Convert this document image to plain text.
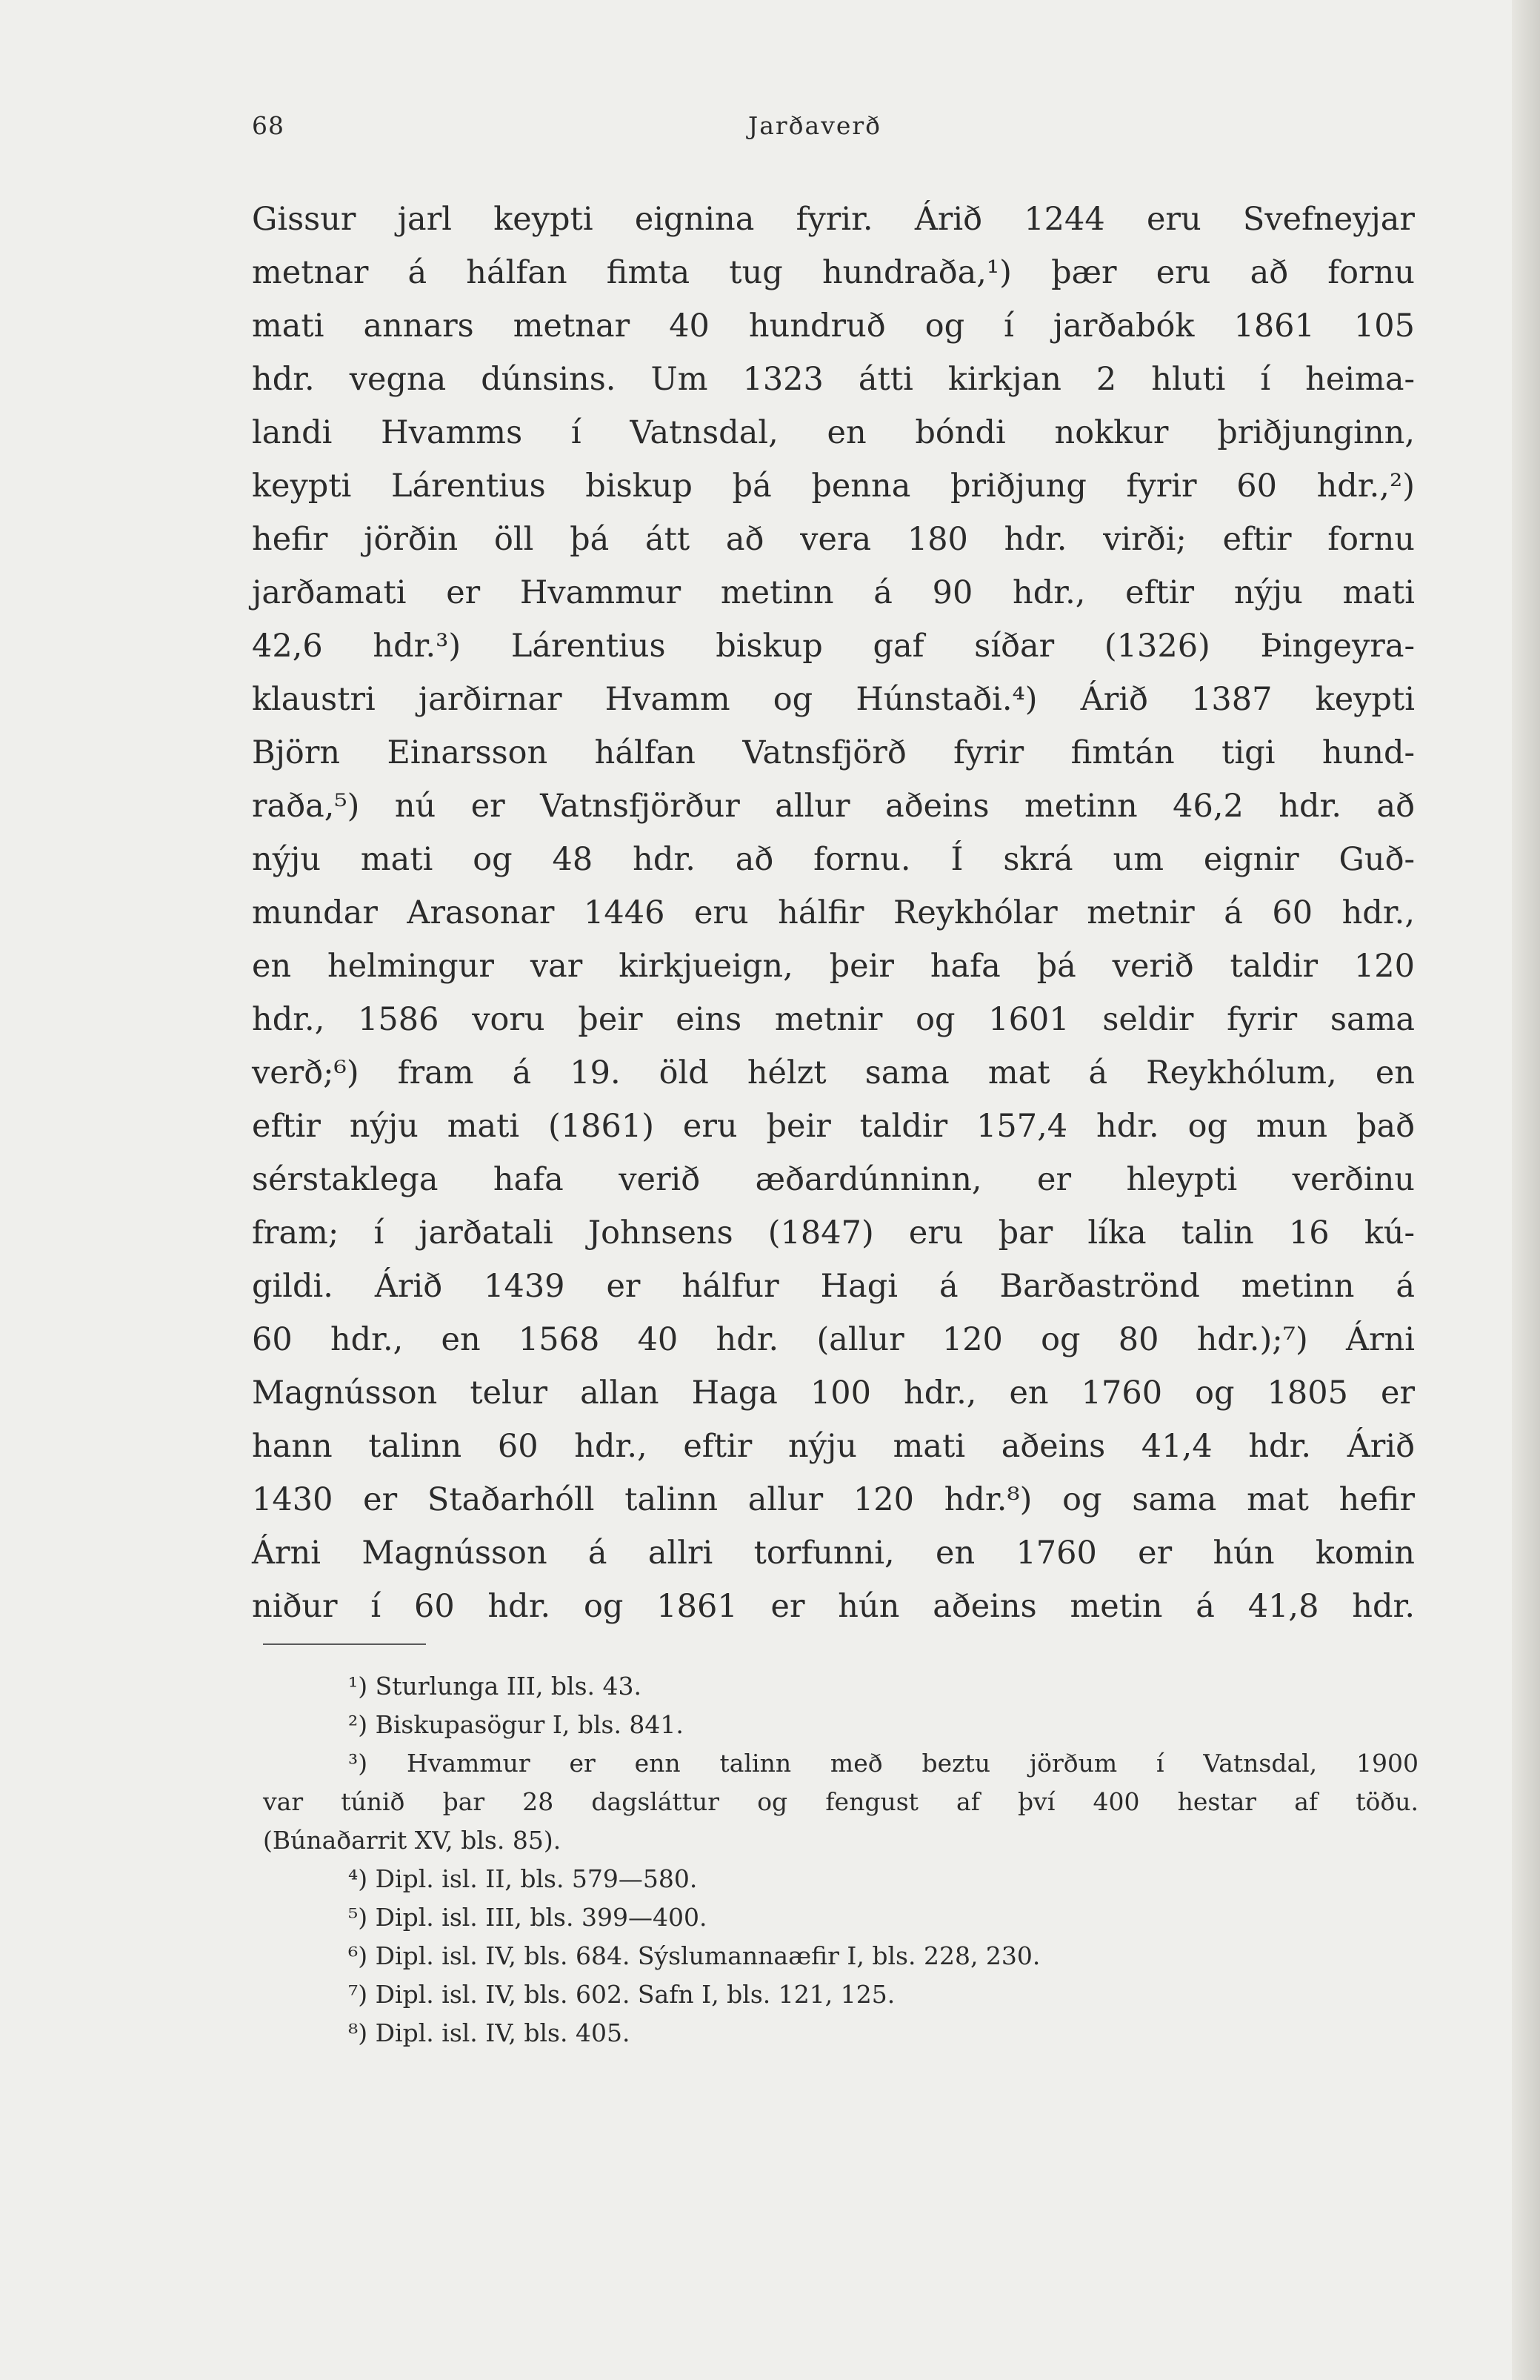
68	Jarðaverð
Gissur jarl keypti eignina fyrir. Árið 1244 eru Svefneyjar
metnar á hálfan fimta tug hundraða,¹) þær eru að fornu
mati annars metnar 40 hundruð og í jarðabók 1861 105
hdr. vegna dúnsins. Um 1323 átti kirkjan 2 hluti í heima-
landi Hvamms í Vatnsdal, en bóndi nokkur þriðjunginn,
keypti Lárentius biskup þá þenna þriðjung fyrir 60 hdr.,²)
hefir jörðin öll þá átt að vera 180 hdr. virði; eftir fornu
jarðamati er Hvammur metinn á 90 hdr., eftir nýju mati
42,6 hdr.³) Lárentius biskup gaf síðar (1326) Þingeyra-
klaustri jarðirnar Hvamm og Húnstaði.⁴) Árið 1387 keypti
Björn Einarsson hálfan Vatnsfjörð fyrir fimtán tigi hund-
raða,⁵) nú er Vatnsfjörður allur aðeins metinn 46,2 hdr. að
nýju mati og 48 hdr. að fornu. Í skrá um eignir Guð-
mundar Arasonar 1446 eru hálfir Reykhólar metnir á 60 hdr.,
en helmingur var kirkjueign, þeir hafa þá verið taldir 120
hdr., 1586 voru þeir eins metnir og 1601 seldir fyrir sama
verð;⁶) fram á 19. öld hélzt sama mat á Reykhólum, en
eftir nýju mati (1861) eru þeir taldir 157,4 hdr. og mun það
sérstaklega hafa verið æðardúnninn, er hleypti verðinu
fram; í jarðatali Johnsens (1847) eru þar líka talin 16 kú-
gildi. Árið 1439 er hálfur Hagi á Barðaströnd metinn á
60 hdr., en 1568 40 hdr. (allur 120 og 80 hdr.);⁷) Árni
Magnússon telur allan Haga 100 hdr., en 1760 og 1805 er
hann talinn 60 hdr., eftir nýju mati aðeins 41,4 hdr. Árið
1430 er Staðarhóll talinn allur 120 hdr.⁸) og sama mat hefir
Árni Magnússon á allri torfunni, en 1760 er hún komin
niður í 60 hdr. og 1861 er hún aðeins metin á 41,8 hdr.
¹) Sturlunga III, bls. 43.
²) Biskupasögur I, bls. 841.
³) Hvammur er enn talinn með beztu jörðum í Vatnsdal, 1900
var túnið þar 28 dagsláttur og fengust af því 400 hestar af töðu.
(Búnaðarrit XV, bls. 85).
⁴) Dipl. isl. II, bls. 579—580.
⁵) Dipl. isl. III, bls. 399—400.
⁶) Dipl. isl. IV, bls. 684. Sýslumannaæfir I, bls. 228, 230.
⁷) Dipl. isl. IV, bls. 602. Safn I, bls. 121, 125.
⁸) Dipl. isl. IV, bls. 405.
